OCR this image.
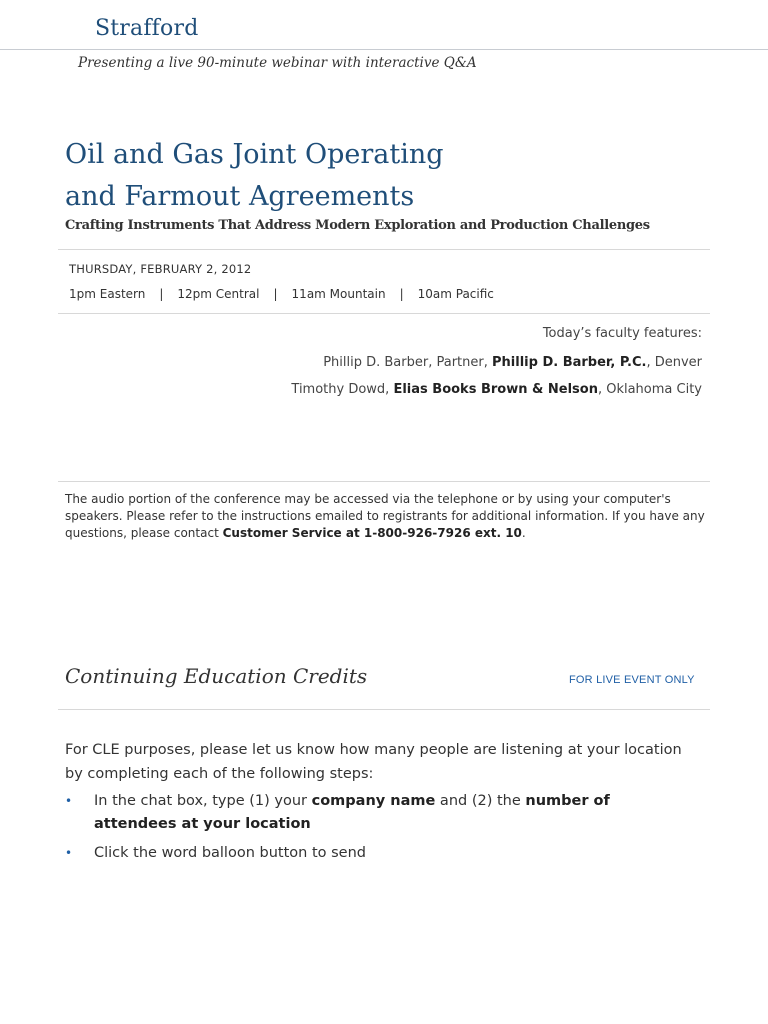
Strafford
Presenting a live 90-minute webinar with interactive Q&A
Oil and Gas Joint Operating
and Farmout Agreements
Crafting Instruments That Address Modern Exploration and Production Challenges
THURSDAY, FEBRUARY 2, 2012
1pm Eastern | 12pm Central | 11am Mountain | 10am Pacific
Today’s faculty features:
Phillip D. Barber, Partner, Phillip D. Barber, P.C., Denver
Timothy Dowd, Elias Books Brown & Nelson, Oklahoma City
The audio portion of the conference may be accessed via the telephone or by using your computer's speakers. Please refer to the instructions emailed to registrants for additional information. If you have any questions, please contact Customer Service at 1-800-926-7926 ext. 10.
Continuing Education Credits	FOR LIVE EVENT ONLY
For CLE purposes, please let us know how many people are listening at your location by completing each of the following steps:
• In the chat box, type (1) your company name and (2) the number of attendees at your location
• Click the word balloon button to send
